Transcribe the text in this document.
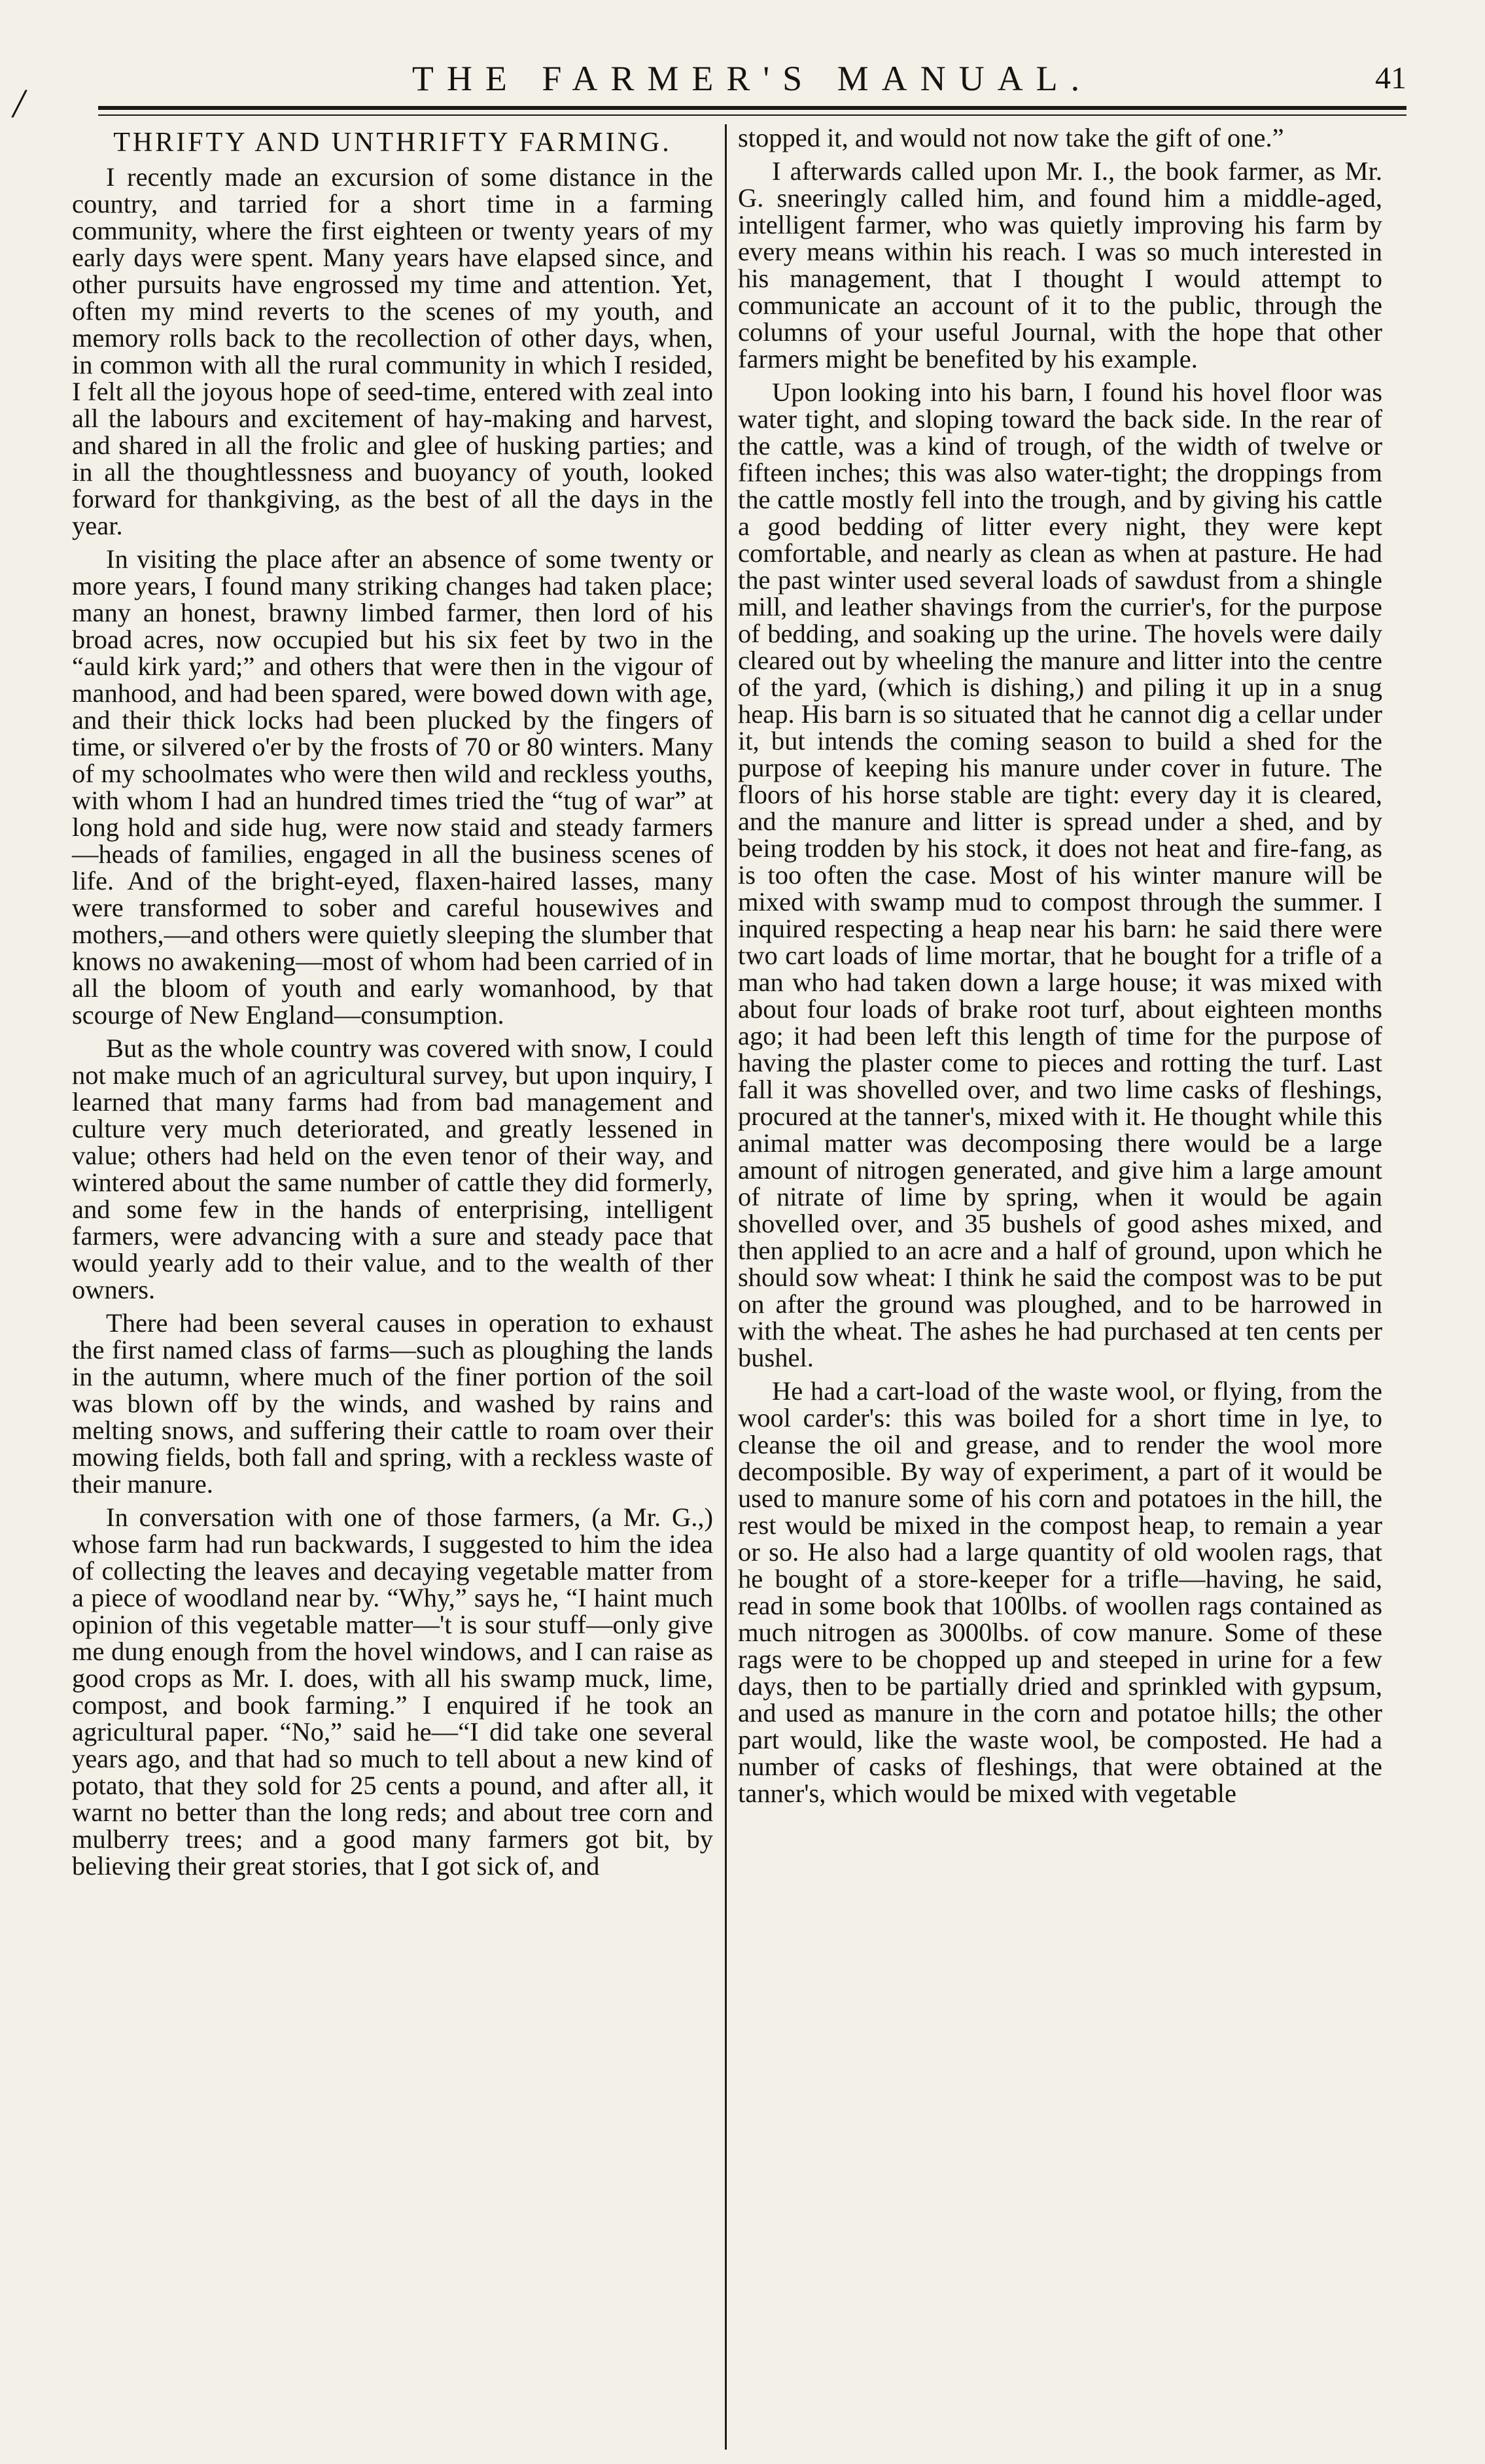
/
THE FARMER'S MANUAL.	41
THRIFTY AND UNTHRIFTY FARMING.

I recently made an excursion of some distance in the country, and tarried for a short time in a farming community, where the first eighteen or twenty years of my early days were spent. Many years have elapsed since, and other pursuits have engrossed my time and attention. Yet, often my mind reverts to the scenes of my youth, and memory rolls back to the recollection of other days, when, in common with all the rural community in which I resided, I felt all the joyous hope of seed-time, entered with zeal into all the labours and excitement of hay-making and harvest, and shared in all the frolic and glee of husking parties; and in all the thoughtlessness and buoyancy of youth, looked forward for thankgiving, as the best of all the days in the year.

In visiting the place after an absence of some twenty or more years, I found many striking changes had taken place; many an honest, brawny limbed farmer, then lord of his broad acres, now occupied but his six feet by two in the “auld kirk yard;” and others that were then in the vigour of manhood, and had been spared, were bowed down with age, and their thick locks had been plucked by the fingers of time, or silvered o'er by the frosts of 70 or 80 winters. Many of my schoolmates who were then wild and reckless youths, with whom I had an hundred times tried the “tug of war” at long hold and side hug, were now staid and steady farmers—heads of families, engaged in all the business scenes of life. And of the bright-eyed, flaxen-haired lasses, many were transformed to sober and careful housewives and mothers,—and others were quietly sleeping the slumber that knows no awakening—most of whom had been carried of in all the bloom of youth and early womanhood, by that scourge of New England—consumption.

But as the whole country was covered with snow, I could not make much of an agricultural survey, but upon inquiry, I learned that many farms had from bad management and culture very much deteriorated, and greatly lessened in value; others had held on the even tenor of their way, and wintered about the same number of cattle they did formerly, and some few in the hands of enterprising, intelligent farmers, were advancing with a sure and steady pace that would yearly add to their value, and to the wealth of ther owners.

There had been several causes in operation to exhaust the first named class of farms—such as ploughing the lands in the autumn, where much of the finer portion of the soil was blown off by the winds, and washed by rains and melting snows, and suffering their cattle to roam over their mowing fields, both fall and spring, with a reckless waste of their manure.

In conversation with one of those farmers, (a Mr. G.,) whose farm had run backwards, I suggested to him the idea of collecting the leaves and decaying vegetable matter from a piece of woodland near by. “Why,” says he, “I haint much opinion of this vegetable matter—'t is sour stuff—only give me dung enough from the hovel windows, and I can raise as good crops as Mr. I. does, with all his swamp muck, lime, compost, and book farming.” I enquired if he took an agricultural paper. “No,” said he—“I did take one several years ago, and that had so much to tell about a new kind of potato, that they sold for 25 cents a pound, and after all, it warnt no better than the long reds; and about tree corn and mulberry trees; and a good many farmers got bit, by believing their great stories, that I got sick of, and

stopped it, and would not now take the gift of one.”

I afterwards called upon Mr. I., the book farmer, as Mr. G. sneeringly called him, and found him a middle-aged, intelligent farmer, who was quietly improving his farm by every means within his reach. I was so much interested in his management, that I thought I would attempt to communicate an account of it to the public, through the columns of your useful Journal, with the hope that other farmers might be benefited by his example.

Upon looking into his barn, I found his hovel floor was water tight, and sloping toward the back side. In the rear of the cattle, was a kind of trough, of the width of twelve or fifteen inches; this was also water-tight; the droppings from the cattle mostly fell into the trough, and by giving his cattle a good bedding of litter every night, they were kept comfortable, and nearly as clean as when at pasture. He had the past winter used several loads of sawdust from a shingle mill, and leather shavings from the currier's, for the purpose of bedding, and soaking up the urine. The hovels were daily cleared out by wheeling the manure and litter into the centre of the yard, (which is dishing,) and piling it up in a snug heap. His barn is so situated that he cannot dig a cellar under it, but intends the coming season to build a shed for the purpose of keeping his manure under cover in future. The floors of his horse stable are tight: every day it is cleared, and the manure and litter is spread under a shed, and by being trodden by his stock, it does not heat and fire-fang, as is too often the case. Most of his winter manure will be mixed with swamp mud to compost through the summer. I inquired respecting a heap near his barn: he said there were two cart loads of lime mortar, that he bought for a trifle of a man who had taken down a large house; it was mixed with about four loads of brake root turf, about eighteen months ago; it had been left this length of time for the purpose of having the plaster come to pieces and rotting the turf. Last fall it was shovelled over, and two lime casks of fleshings, procured at the tanner's, mixed with it. He thought while this animal matter was decomposing there would be a large amount of nitrogen generated, and give him a large amount of nitrate of lime by spring, when it would be again shovelled over, and 35 bushels of good ashes mixed, and then applied to an acre and a half of ground, upon which he should sow wheat: I think he said the compost was to be put on after the ground was ploughed, and to be harrowed in with the wheat. The ashes he had purchased at ten cents per bushel.

He had a cart-load of the waste wool, or flying, from the wool carder's: this was boiled for a short time in lye, to cleanse the oil and grease, and to render the wool more decomposible. By way of experiment, a part of it would be used to manure some of his corn and potatoes in the hill, the rest would be mixed in the compost heap, to remain a year or so. He also had a large quantity of old woolen rags, that he bought of a store-keeper for a trifle—having, he said, read in some book that 100lbs. of woollen rags contained as much nitrogen as 3000lbs. of cow manure. Some of these rags were to be chopped up and steeped in urine for a few days, then to be partially dried and sprinkled with gypsum, and used as manure in the corn and potatoe hills; the other part would, like the waste wool, be composted. He had a number of casks of fleshings, that were obtained at the tanner's, which would be mixed with vegetable
